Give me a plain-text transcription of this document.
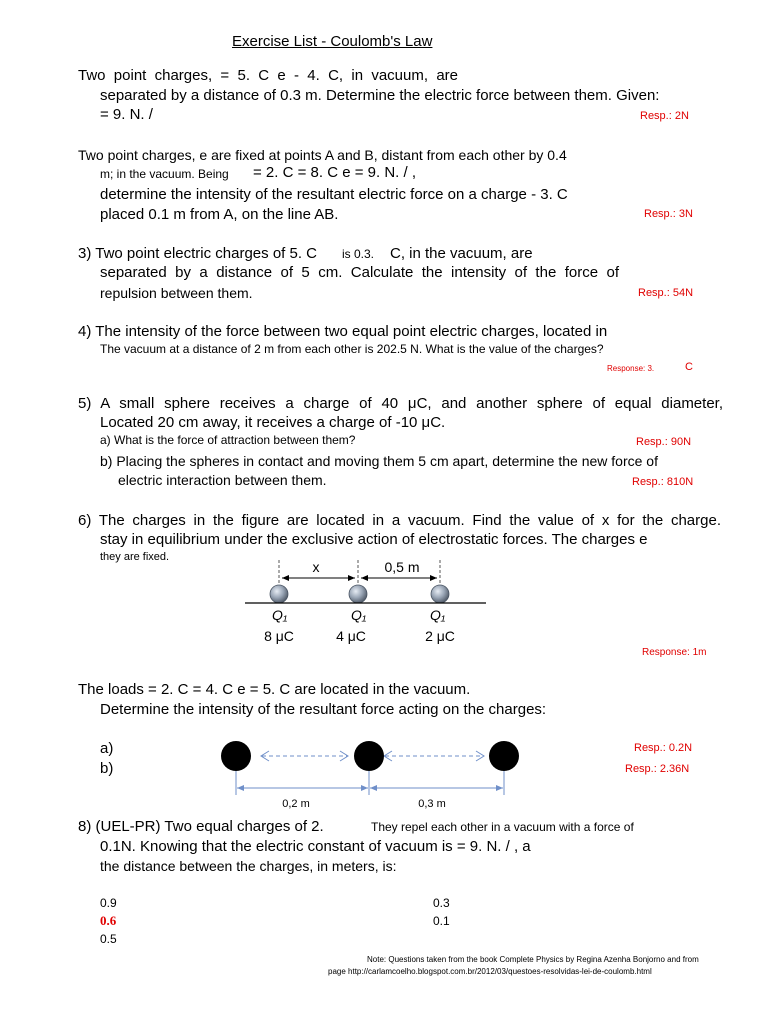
Exercise List - Coulomb's Law
Two point charges, = 5. C e - 4. C, in vacuum, are
separated by a distance of 0.3 m. Determine the electric force between them. Given:
= 9. N. /	Resp.: 2N
Two point charges, e are fixed at points A and B, distant from each other by 0.4
m; in the vacuum. Being = 2. C = 8. C e = 9. N. / ,
determine the intensity of the resultant electric force on a charge - 3. C
placed 0.1 m from A, on the line AB.	Resp.: 3N
3) Two point electric charges of 5. C is 0.3. C, in the vacuum, are
separated by a distance of 5 cm. Calculate the intensity of the force of
repulsion between them.	Resp.: 54N
4) The intensity of the force between two equal point electric charges, located in
The vacuum at a distance of 2 m from each other is 202.5 N. What is the value of the charges?
Response: 3.	C
5) A small sphere receives a charge of 40 μC, and another sphere of equal diameter,
Located 20 cm away, it receives a charge of -10 μC.
a) What is the force of attraction between them?	Resp.: 90N
b) Placing the spheres in contact and moving them 5 cm apart, determine the new force of
electric interaction between them.	Resp.: 810N
6) The charges in the figure are located in a vacuum. Find the value of x for the charge.
stay in equilibrium under the exclusive action of electrostatic forces. The charges e
they are fixed.
x	0,5 m
Q₁	Q₁	Q₁
8 μC	4 μC	2 μC
Response: 1m
The loads = 2. C = 4. C e = 5. C are located in the vacuum.
Determine the intensity of the resultant force acting on the charges:
a)
b)
Resp.: 0.2N
Resp.: 2.36N
0,2 m	0,3 m
8) (UEL-PR) Two equal charges of 2.	They repel each other in a vacuum with a force of
0.1N. Knowing that the electric constant of vacuum is = 9. N. / , a
the distance between the charges, in meters, is:
0.9
0.6
0.5
0.3
0.1
Note: Questions taken from the book Complete Physics by Regina Azenha Bonjorno and from
page http://carlamcoelho.blogspot.com.br/2012/03/questoes-resolvidas-lei-de-coulomb.html
